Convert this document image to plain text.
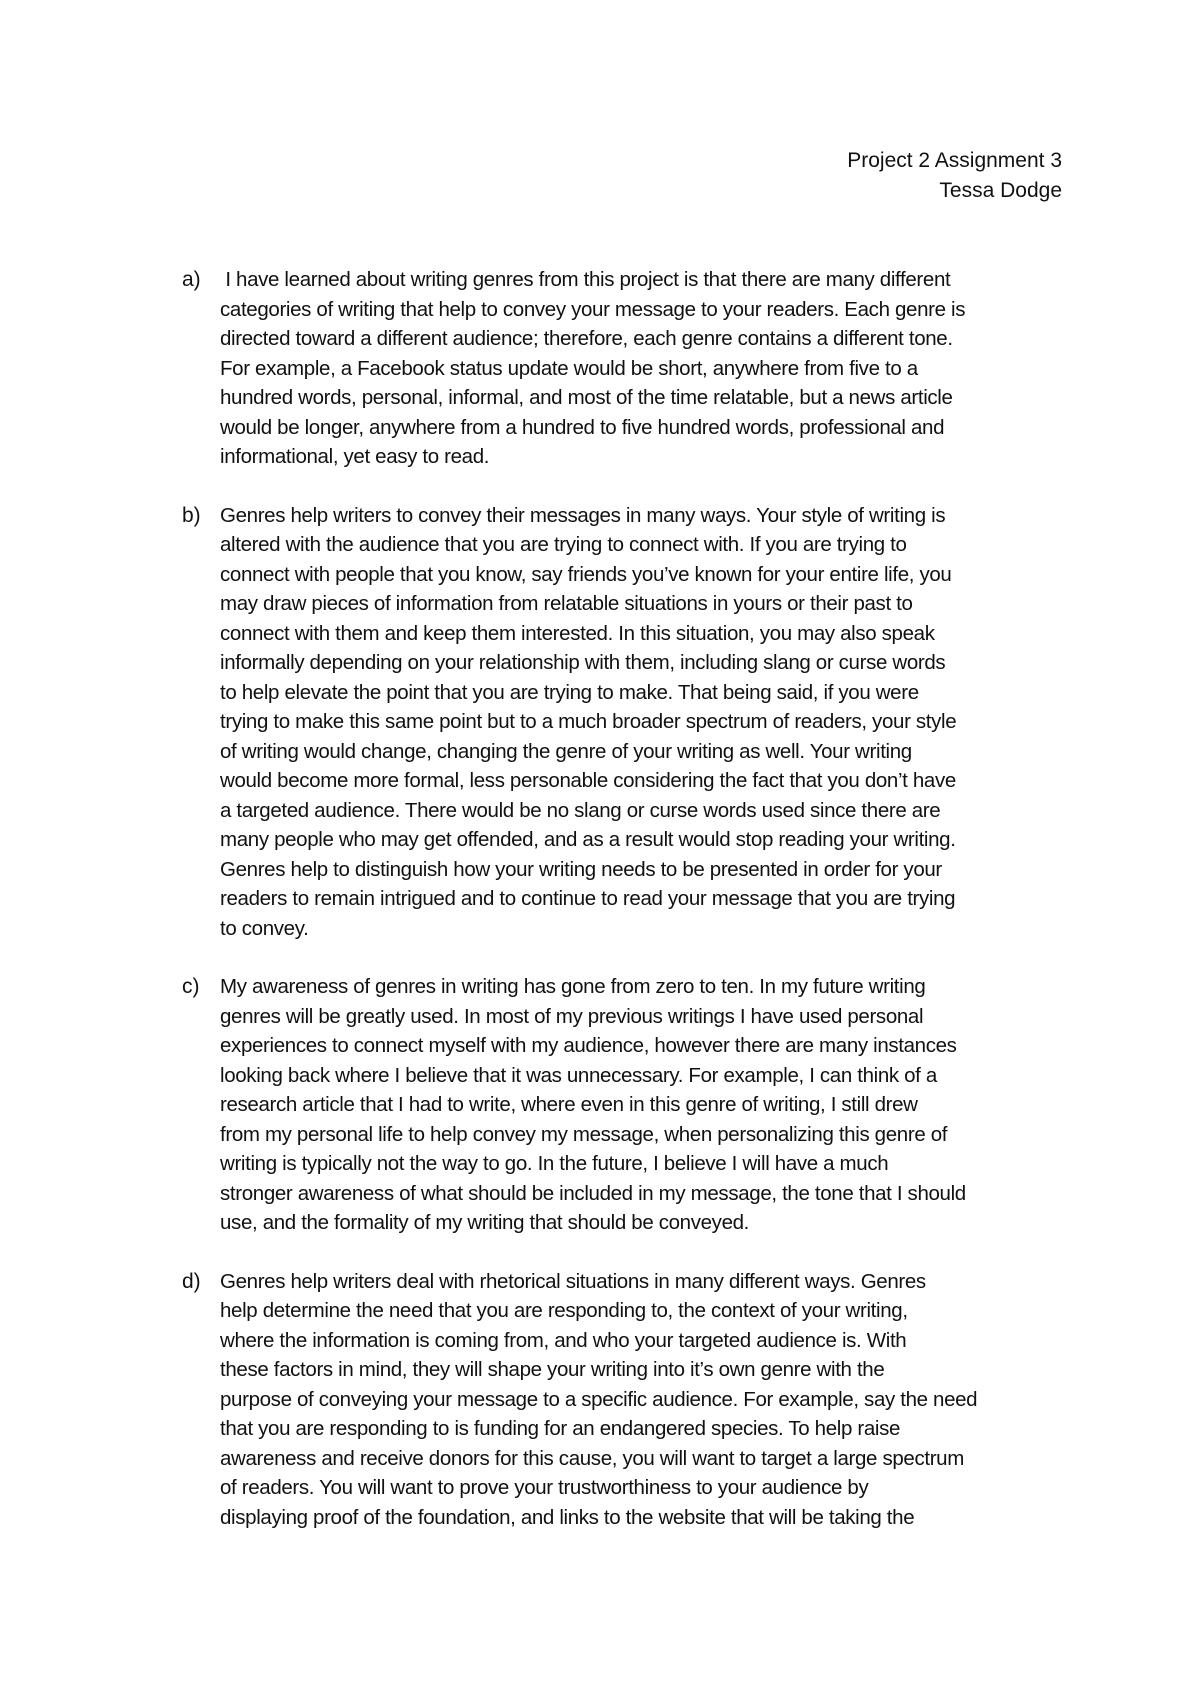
Project 2 Assignment 3
Tessa Dodge
a) I have learned about writing genres from this project is that there are many different
categories of writing that help to convey your message to your readers. Each genre is
directed toward a different audience; therefore, each genre contains a different tone.
For example, a Facebook status update would be short, anywhere from five to a
hundred words, personal, informal, and most of the time relatable, but a news article
would be longer, anywhere from a hundred to five hundred words, professional and
informational, yet easy to read.
b) Genres help writers to convey their messages in many ways. Your style of writing is
altered with the audience that you are trying to connect with. If you are trying to
connect with people that you know, say friends you’ve known for your entire life, you
may draw pieces of information from relatable situations in yours or their past to
connect with them and keep them interested. In this situation, you may also speak
informally depending on your relationship with them, including slang or curse words
to help elevate the point that you are trying to make. That being said, if you were
trying to make this same point but to a much broader spectrum of readers, your style
of writing would change, changing the genre of your writing as well. Your writing
would become more formal, less personable considering the fact that you don’t have
a targeted audience. There would be no slang or curse words used since there are
many people who may get offended, and as a result would stop reading your writing.
Genres help to distinguish how your writing needs to be presented in order for your
readers to remain intrigued and to continue to read your message that you are trying
to convey.
c) My awareness of genres in writing has gone from zero to ten. In my future writing
genres will be greatly used. In most of my previous writings I have used personal
experiences to connect myself with my audience, however there are many instances
looking back where I believe that it was unnecessary. For example, I can think of a
research article that I had to write, where even in this genre of writing, I still drew
from my personal life to help convey my message, when personalizing this genre of
writing is typically not the way to go. In the future, I believe I will have a much
stronger awareness of what should be included in my message, the tone that I should
use, and the formality of my writing that should be conveyed.
d) Genres help writers deal with rhetorical situations in many different ways. Genres
help determine the need that you are responding to, the context of your writing,
where the information is coming from, and who your targeted audience is. With
these factors in mind, they will shape your writing into it’s own genre with the
purpose of conveying your message to a specific audience. For example, say the need
that you are responding to is funding for an endangered species. To help raise
awareness and receive donors for this cause, you will want to target a large spectrum
of readers. You will want to prove your trustworthiness to your audience by
displaying proof of the foundation, and links to the website that will be taking the
